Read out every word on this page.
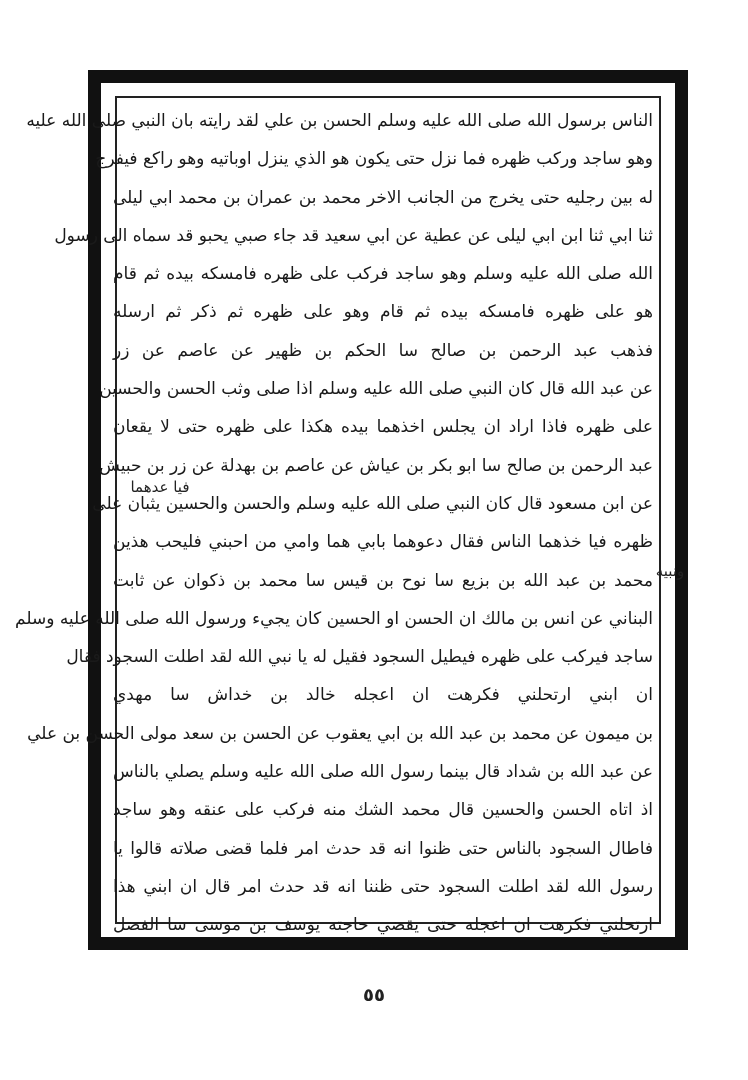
الناس برسول الله صلى الله عليه وسلم الحسن بن علي لقد رايته بان النبي صلى الله عليه
وهو ساجد وركب ظهره فما نزل حتى يكون هو الذي ينزل اوباتيه وهو راكع فيفرج
له بين رجليه حتى يخرج من الجانب الاخر محمد بن عمران بن محمد ابي ليلى
ثنا ابي ثنا ابن ابي ليلى عن عطية عن ابي سعيد قد جاء صبي يحبو قد سماه الى رسول
الله صلى الله عليه وسلم وهو ساجد فركب على ظهره فامسكه بيده ثم قام
هو على ظهره فامسكه بيده ثم قام وهو على ظهره ثم ذكر ثم ارسله
فذهب عبد الرحمن بن صالح سا الحكم بن ظهير عن عاصم عن زر
عن عبد الله قال كان النبي صلى الله عليه وسلم اذا صلى وثب الحسن والحسين
على ظهره فاذا اراد ان يجلس اخذهما بيده هكذا على ظهره حتى لا يقعان
عبد الرحمن بن صالح سا ابو بكر بن عياش عن عاصم بن بهدلة عن زر بن حبيش
عن ابن مسعود قال كان النبي صلى الله عليه وسلم والحسن والحسين يثبان على
ظهره فيا خذهما الناس فقال دعوهما بابي هما وامي من احبني فليحب هذين
محمد بن عبد الله بن بزيع سا نوح بن قيس سا محمد بن ذكوان عن ثابت
البناني عن انس بن مالك ان الحسن او الحسين كان يجيء ورسول الله صلى الله عليه وسلم
ساجد فيركب على ظهره فيطيل السجود فقيل له يا نبي الله لقد اطلت السجود فقال
ان ابني ارتحلني فكرهت ان اعجله خالد بن خداش سا مهدي
بن ميمون عن محمد بن عبد الله بن ابي يعقوب عن الحسن بن سعد مولى الحسن بن علي
عن عبد الله بن شداد قال بينما رسول الله صلى الله عليه وسلم يصلي بالناس
اذ اتاه الحسن والحسين قال محمد الشك منه فركب على عنقه وهو ساجد
فاطال السجود بالناس حتى ظنوا انه قد حدث امر فلما قضى صلاته قالوا يا
رسول الله لقد اطلت السجود حتى ظننا انه قد حدث امر قال ان ابني هذا
ارتحلني فكرهت ان اعجله حتى يقضي حاجته يوسف بن موسى سا الفضل
فيا عدهما
ونبيه
٥٥
